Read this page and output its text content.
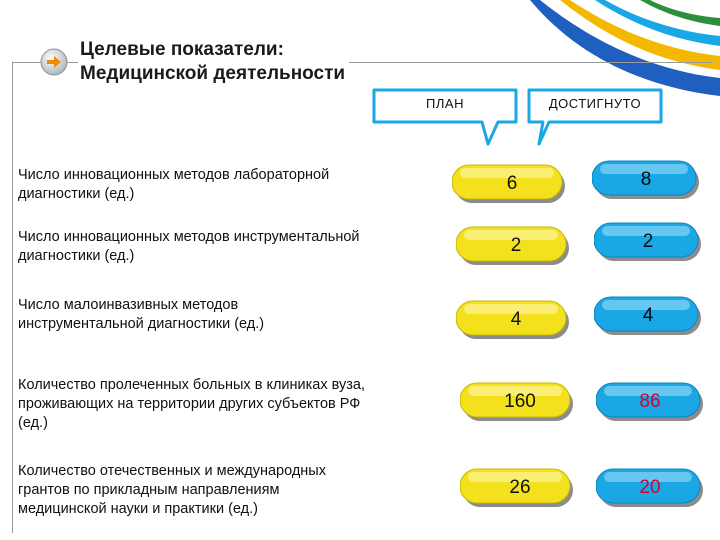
Целевые показатели:
Медицинской деятельности
ПЛАН	ДОСТИГНУТО
Число инновационных методов лабораторной
диагностики (ед.)	6	8
Число инновационных методов инструментальной
диагностики (ед.)	2	2
Число малоинвазивных методов
инструментальной диагностики (ед.)	4	4
Количество пролеченных больных в клиниках вуза,
проживающих на территории других субъектов РФ
(ед.)
160	86
Количество отечественных и международных
грантов по прикладным направлениям
медицинской науки и практики (ед.)
26	20
